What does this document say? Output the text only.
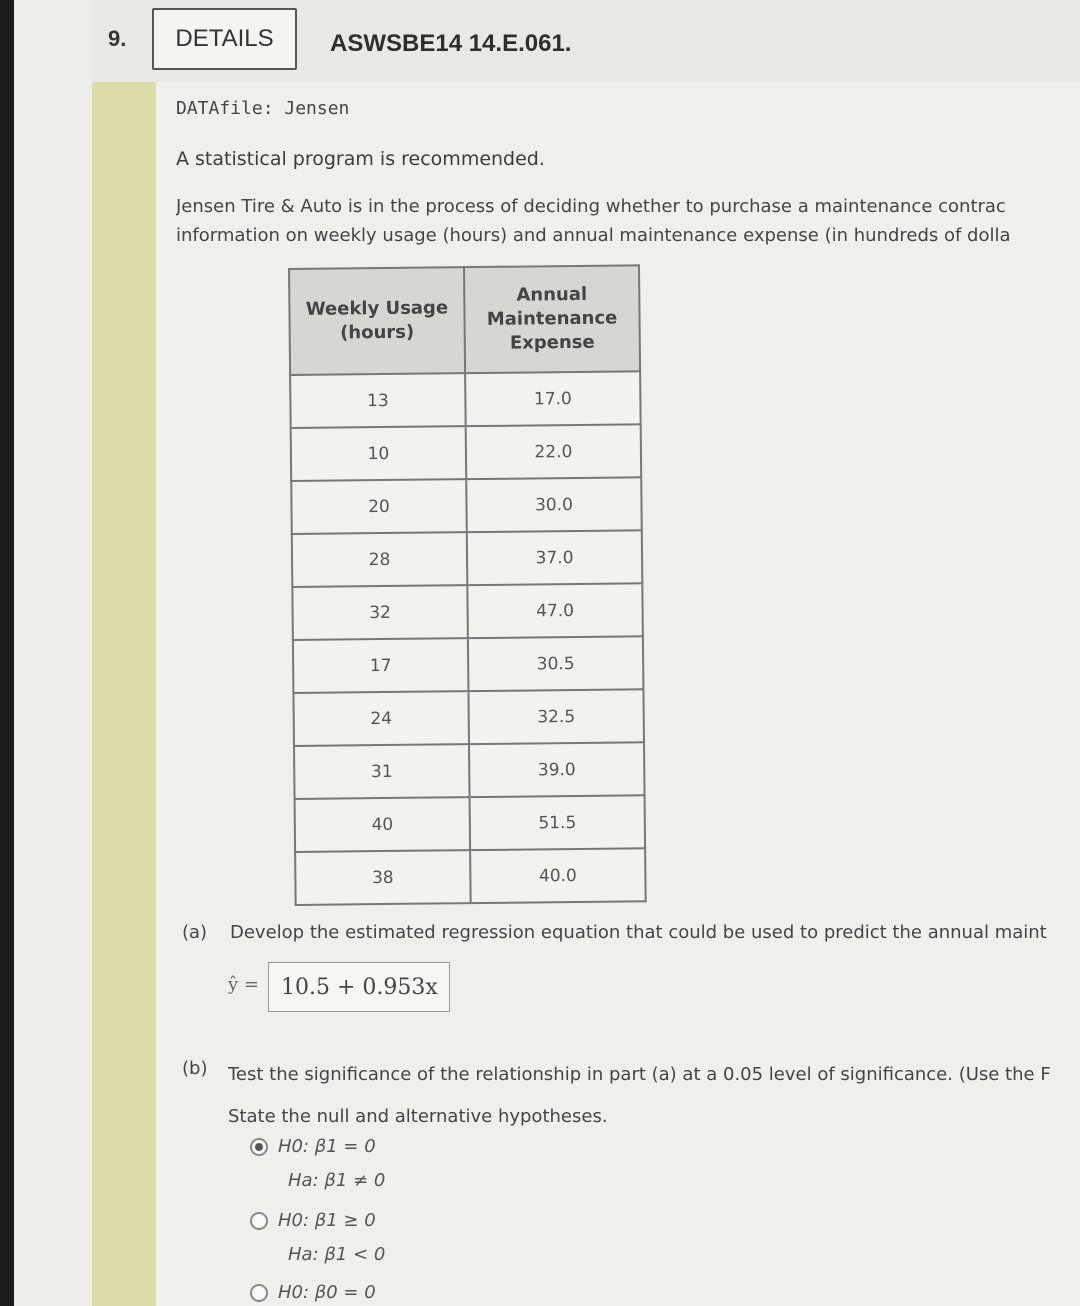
9.	DETAILS	ASWSBE14 14.E.061.
DATAfile: Jensen
A statistical program is recommended.
Jensen Tire & Auto is in the process of deciding whether to purchase a maintenance contrac
information on weekly usage (hours) and annual maintenance expense (in hundreds of dolla
Weekly Usage (hours)	Annual Maintenance Expense
13	17.0
10	22.0
20	30.0
28	37.0
32	47.0
17	30.5
24	32.5
31	39.0
40	51.5
38	40.0
(a) Develop the estimated regression equation that could be used to predict the annual maint
ŷ = 10.5 + 0.953x
(b) Test the significance of the relationship in part (a) at a 0.05 level of significance. (Use the F
State the null and alternative hypotheses.
H0: β1 = 0
Ha: β1 ≠ 0
H0: β1 ≥ 0
Ha: β1 < 0
H0: β0 = 0
